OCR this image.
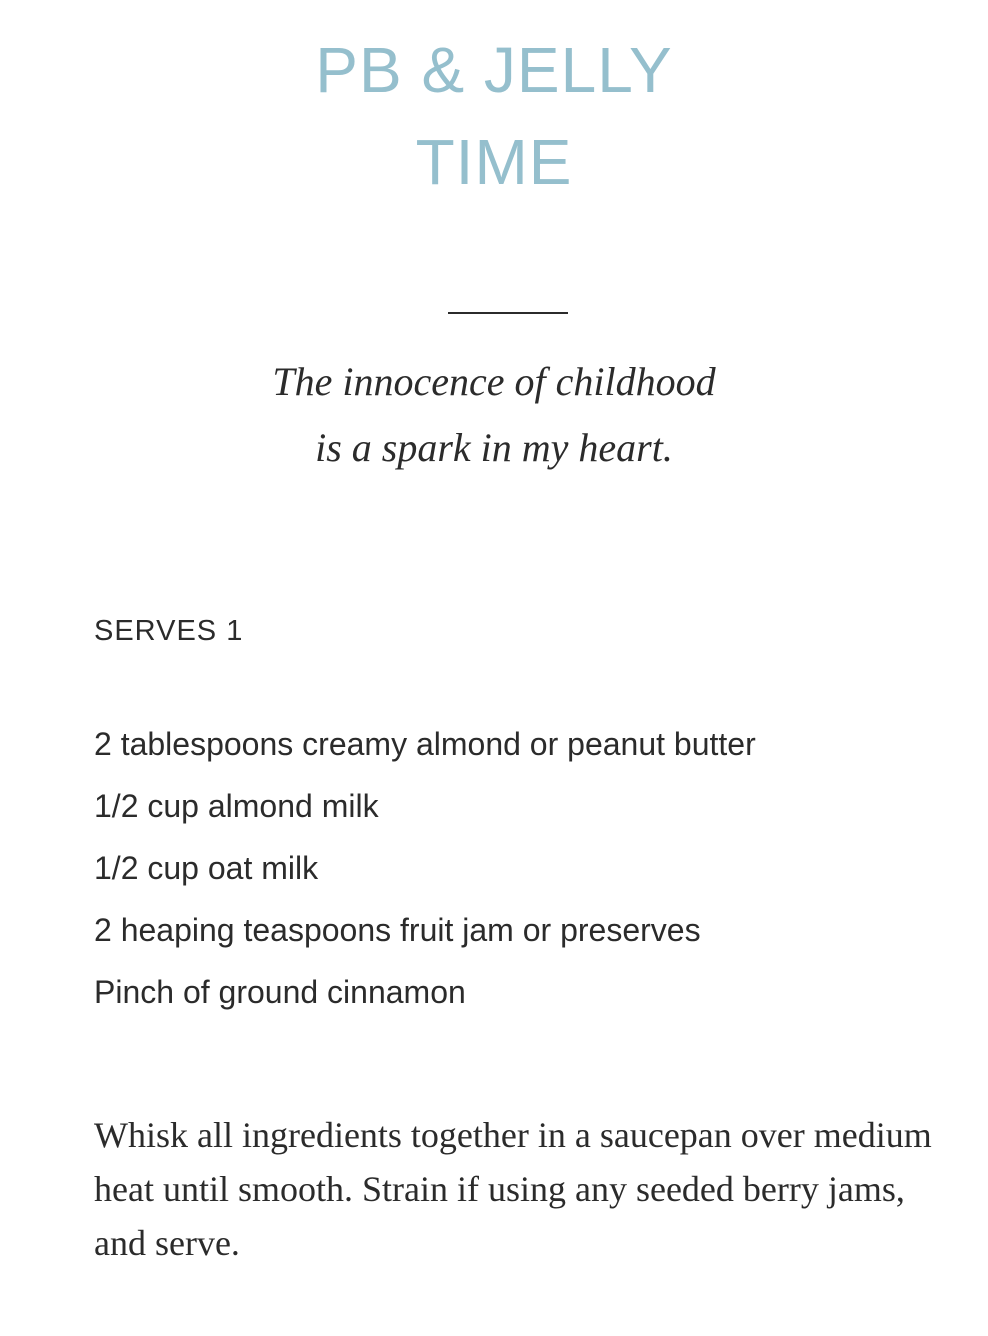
PB & JELLY
TIME

The innocence of childhood

is a spark in my heart.

SERVES 1
2 tablespoons creamy almond or peanut butter
1/2 cup almond milk
1/2 cup oat milk
2 heaping teaspoons fruit jam or preserves
Pinch of ground cinnamon

Whisk all ingredients together in a saucepan over medium heat until smooth. Strain if using any seeded berry jams, and serve.
